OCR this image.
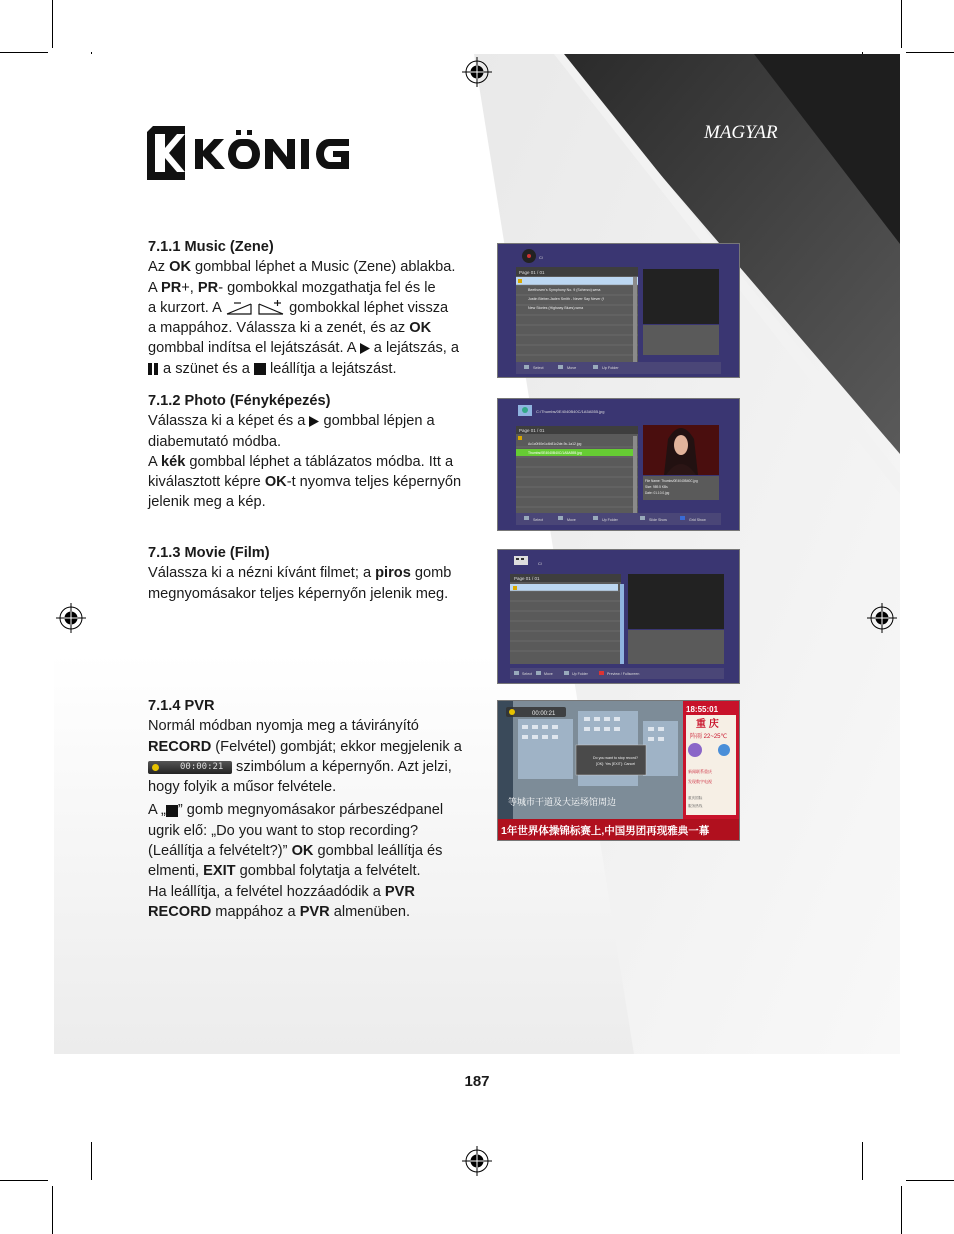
MAGYAR
7.1.1 Music (Zene)

Az OK gombbal léphet a Music (Zene) ablakba.

A PR+, PR- gombokkal mozgathatja fel és le

a kurzort. A	gombokkal léphet vissza

a mappához. Válassza ki a zenét, és az OK

gombbal indítsa el lejátszását. A  a lejátszás, a

a szünet és a  leállítja a lejátszást.

7.1.2 Photo (Fényképezés)

Válassza ki a képet és a  gombbal lépjen a

diabemutató módba.

A kék gombbal léphet a táblázatos módba. Itt a

kiválasztott képre OK-t nyomva teljes képernyőn

jelenik meg a kép.

7.1.3 Movie (Film)

Válassza ki a nézni kívánt filmet; a piros gomb

megnyomásakor teljes képernyőn jelenik meg.

7.1.4 PVR

Normál módban nyomja meg a távirányító

RECORD (Felvétel) gombját; ekkor megjelenik a

00:00:21 szimbólum a képernyőn. Azt jelzi,

hogy folyik a műsor felvétele.

A „ ” gomb megnyomásakor párbeszédpanel

ugrik elő: „Do you want to stop recording?

(Leállítja a felvételt?)” OK gombbal leállítja és

elmenti, EXIT gombbal folytatja a felvételt.

Ha leállítja, a felvétel hozzáadódik a PVR

RECORD mappához a PVR almenüben.

C/
Page 01 / 01
Beethoven's Symphony No. 9 (Scherzo).wma
Justin Bieber-Jaden Smith - Never Say Never (f
New Stories (Highway Blues).wma
Select	Move	Up Folder
C:/Thumbs/0E4040B40C/1A5A555.jpg
Page 01 / 01
Ac1c0f40e1c4b81c2de-9c-1a12.jpg
Thumbs/0E4040B40C/1A5A555.jpg
File Name: Thumbs/0E4040B40C.jpg
Size: 989.5 KBs
Date: 01.10.0.jpg
Select	Move	Up Folder	Slide Show	Grid Show
C/
Page 01 / 01
Select	Move	Up Folder	Preview / Fullscreen
00:00:21
Do you want to stop record?
[OK]: Yes [EXIT]: Cancel
等城市干道及大运场馆周边
18:55:01
重 庆
阵雨 22~25℃
新闻联系重庆
发现数字电视
重庆国际
服务热线
1年世界体操锦标赛上,中国男团再现雅典一幕
187
